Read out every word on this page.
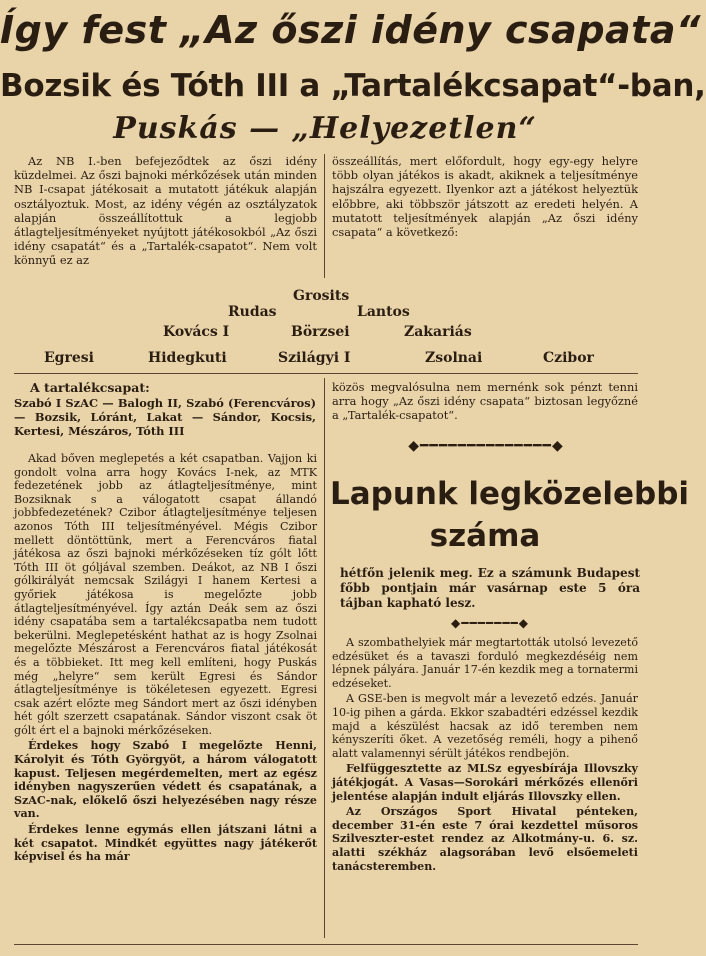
Így fest „Az őszi idény csapata“
Bozsik és Tóth III a „Tartalékcsapat“-ban,
Puskás — „Helyezetlen“

Az NB I.-ben befejeződtek az őszi idény küzdelmei. Az őszi bajnoki mérkőzések után minden NB I-csapat játékosait a mutatott játékuk alapján osztályoztuk. Most, az idény végén az osztályzatok alapján összeállítottuk a legjobb átlagteljesítményeket nyújtott játékosokból „Az őszi idény csapatát“ és a „Tartalék-csapatot“. Nem volt könnyű ez az

összeállítás, mert előfordult, hogy egy-egy helyre több olyan játékos is akadt, akiknek a teljesítménye hajszálra egyezett. Ilyenkor azt a játékost helyeztük előbbre, aki többször játszott az eredeti helyén. A mutatott teljesítmények alapján „Az őszi idény csapata“ a következő:

Grosits
Rudas	Lantos
Kovács I	Börzsei	Zakariás
Egresi	Hidegkuti	Szilágyi I	Zsolnai	Czibor
A tartalékcsapat:
Szabó I SzAC — Balogh II, Szabó (Ferencváros) — Bozsik, Lóránt, Lakat — Sándor, Kocsis, Kertesi, Mészáros, Tóth III

Akad bőven meglepetés a két csapatban. Vajjon ki gondolt volna arra hogy Kovács I-nek, az MTK fedezetének jobb az átlagteljesítménye, mint Bozsiknak s a válogatott csapat állandó jobbfedezetének? Czibor átlagteljesítménye teljesen azonos Tóth III teljesítményével. Mégis Czibor mellett döntöttünk, mert a Ferencváros fiatal játékosa az őszi bajnoki mérkőzéseken tíz gólt lőtt Tóth III öt góljával szemben. Deákot, az NB I őszi gólkirályát nemcsak Szilágyi I hanem Kertesi a győriek játékosa is megelőzte jobb átlagteljesítményével. Így aztán Deák sem az őszi idény csapatába sem a tartalékcsapatba nem tudott bekerülni. Meglepetésként hathat az is hogy Zsolnai megelőzte Mészárost a Ferencváros fiatal játékosát és a többieket. Itt meg kell említeni, hogy Puskás még „helyre“ sem került Egresi és Sándor átlagteljesítménye is tökéletesen egyezett. Egresi csak azért előzte meg Sándort mert az őszi idényben hét gólt szerzett csapatának. Sándor viszont csak öt gólt ért el a bajnoki mérkőzéseken.

Érdekes hogy Szabó I megelőzte Henni, Károlyit és Tóth Györgyöt, a három válogatott kapust. Teljesen megérdemelten, mert az egész idényben nagyszerűen védett és csapatának, a SzAC-nak, előkelő őszi helyezésében nagy része van.

Érdekes lenne egymás ellen játszani látni a két csapatot. Mindkét együttes nagy játékerőt képvisel és ha már

közös megvalósulna nem mernénk sok pénzt tenni arra hogy „Az őszi idény csapata“ biztosan legyőzné a „Tartalék-csapatot“.

◆━━━━━━━━━━━━━━◆
Lapunk legközelebbi
száma
hétfőn jelenik meg. Ez a számunk Budapest főbb pontjain már vasárnap este 5 óra tájban kapható lesz.
◆━━━━━━━◆

A szombathelyiek már megtartották utolsó levezető edzésüket és a tavaszi forduló megkezdéséig nem lépnek pályára. Január 17-én kezdik meg a tornatermi edzéseket.

A GSE-ben is megvolt már a levezető edzés. Január 10-ig pihen a gárda. Ekkor szabadtéri edzéssel kezdik majd a készülést hacsak az idő teremben nem kényszeríti őket. A vezetőség reméli, hogy a pihenő alatt valamennyi sérült játékos rendbejön.

Felfüggesztette az MLSz egyesbírája Illovszky játékjogát. A Vasas—Sorokári mérkőzés ellenőri jelentése alapján indult eljárás Illovszky ellen.

Az Országos Sport Hivatal pénteken, december 31-én este 7 órai kezdettel műsoros Szilveszter-estet rendez az Alkotmány-u. 6. sz. alatti székház alagsorában levő elsőemeleti tanácsteremben.
